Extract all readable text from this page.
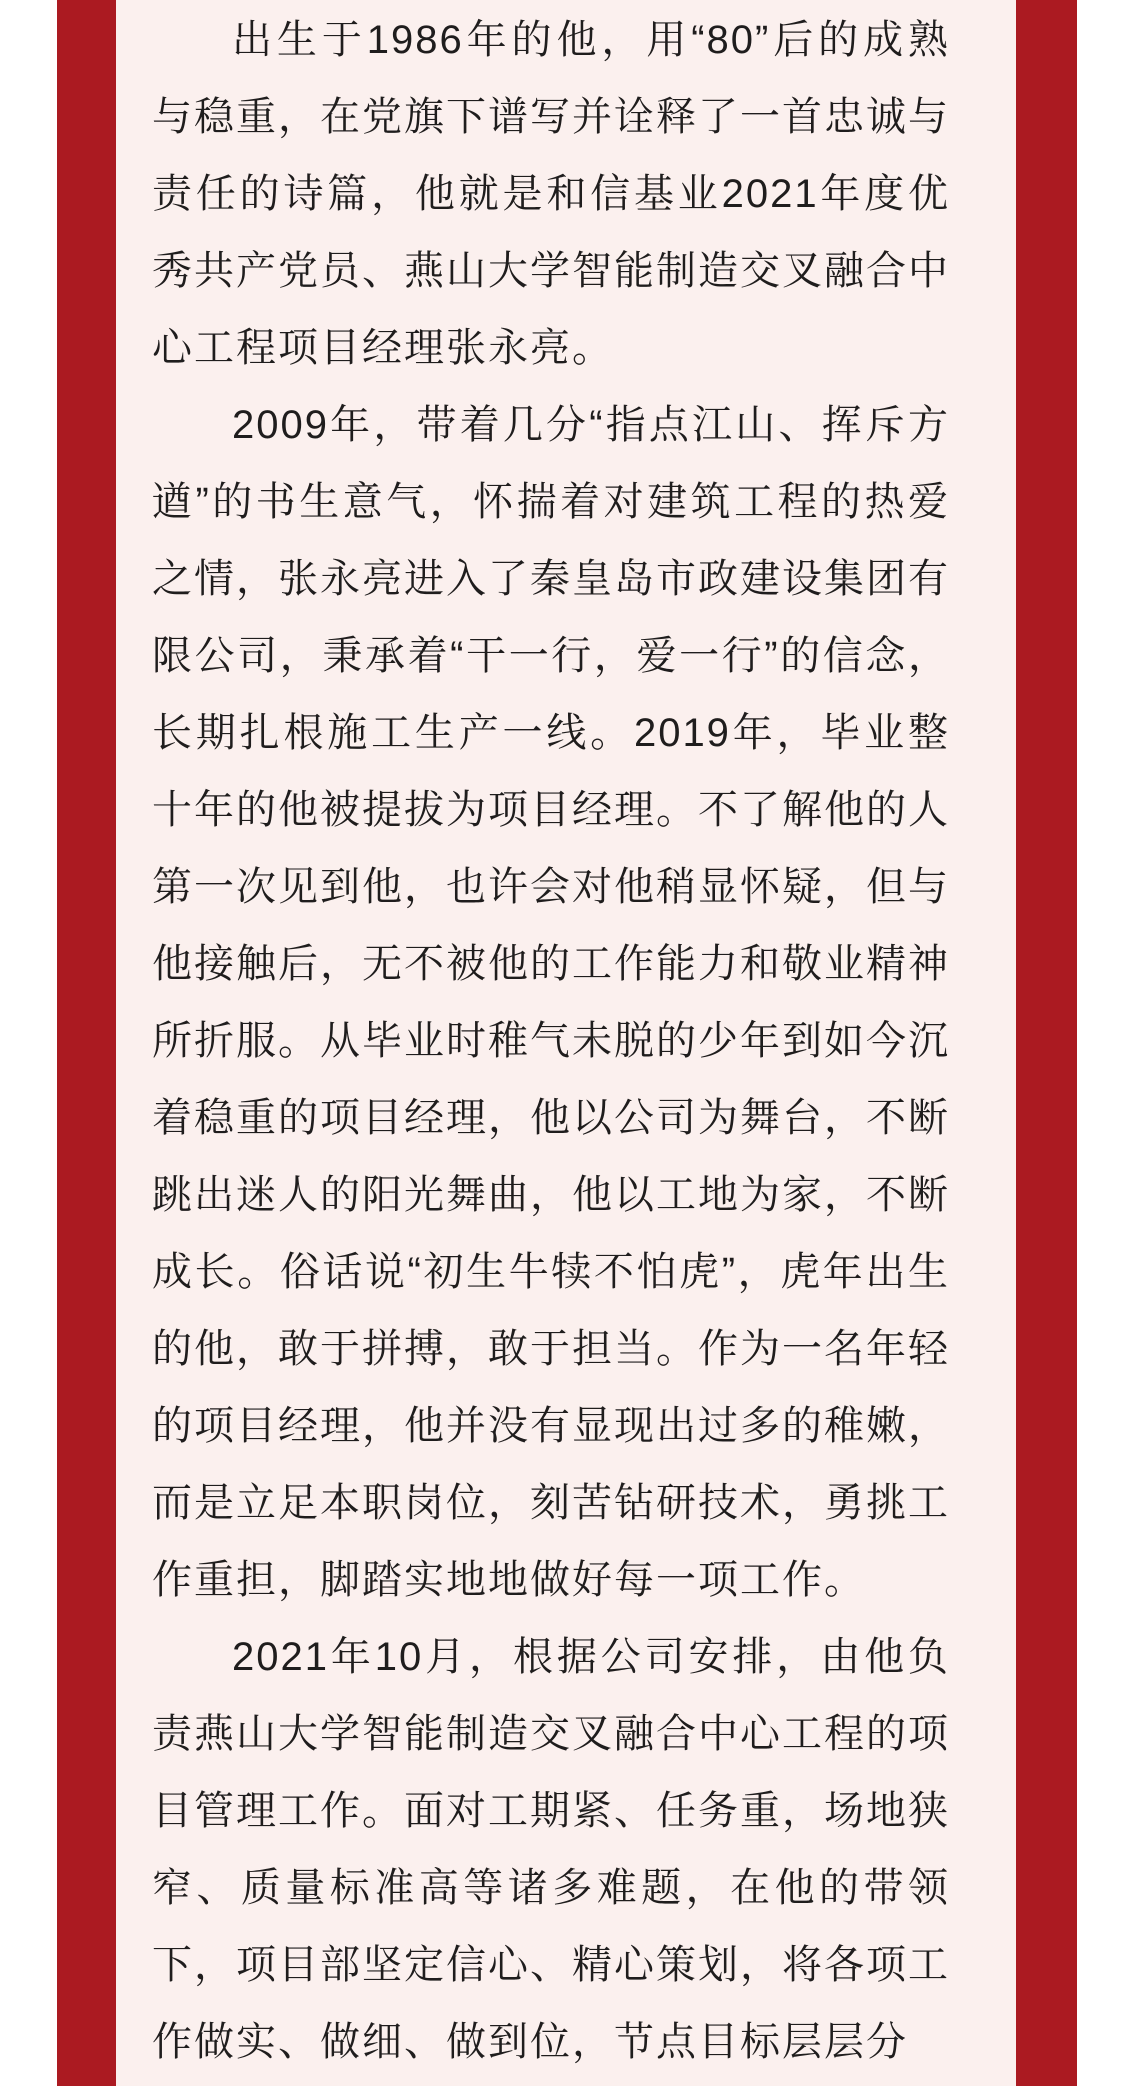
出生于1986年的他，用“80”后的成熟与稳重，在党旗下谱写并诠释了一首忠诚与责任的诗篇，他就是和信基业2021年度优秀共产党员、燕山大学智能制造交叉融合中心工程项目经理张永亮。

2009年，带着几分“指点江山、挥斥方遒”的书生意气，怀揣着对建筑工程的热爱之情，张永亮进入了秦皇岛市政建设集团有限公司，秉承着“干一行，爱一行”的信念，长期扎根施工生产一线。2019年，毕业整十年的他被提拔为项目经理。不了解他的人第一次见到他，也许会对他稍显怀疑，但与他接触后，无不被他的工作能力和敬业精神所折服。从毕业时稚气未脱的少年到如今沉着稳重的项目经理，他以公司为舞台，不断跳出迷人的阳光舞曲，他以工地为家，不断成长。俗话说“初生牛犊不怕虎”，虎年出生的他，敢于拼搏，敢于担当。作为一名年轻的项目经理，他并没有显现出过多的稚嫩，而是立足本职岗位，刻苦钻研技术，勇挑工作重担，脚踏实地地做好每一项工作。

2021年10月，根据公司安排，由他负责燕山大学智能制造交叉融合中心工程的项目管理工作。面对工期紧、任务重，场地狭窄、质量标准高等诸多难题，在他的带领下，项目部坚定信心、精心策划，将各项工作做实、做细、做到位，节点目标层层分
